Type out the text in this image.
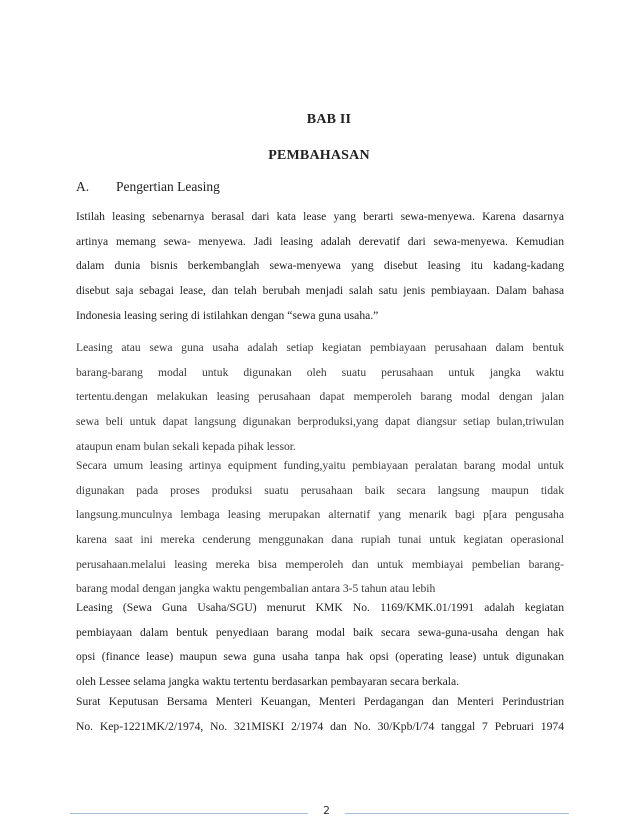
BAB II
PEMBAHASAN
A. Pengertian Leasing
Istilah leasing sebenarnya berasal dari kata lease yang berarti sewa-menyewa. Karena dasarnya
artinya memang sewa- menyewa. Jadi leasing adalah derevatif dari sewa-menyewa. Kemudian
dalam dunia bisnis berkembanglah sewa-menyewa yang disebut leasing itu kadang-kadang
disebut saja sebagai lease, dan telah berubah menjadi salah satu jenis pembiayaan. Dalam bahasa
Indonesia leasing sering di istilahkan dengan “sewa guna usaha.”
Leasing atau sewa guna usaha adalah setiap kegiatan pembiayaan perusahaan dalam bentuk
barang-barang modal untuk digunakan oleh suatu perusahaan untuk jangka waktu
tertentu.dengan melakukan leasing perusahaan dapat memperoleh barang modal dengan jalan
sewa beli untuk dapat langsung digunakan berproduksi,yang dapat diangsur setiap bulan,triwulan
ataupun enam bulan sekali kepada pihak lessor.
Secara umum leasing artinya equipment funding,yaitu pembiayaan peralatan barang modal untuk
digunakan pada proses produksi suatu perusahaan baik secara langsung maupun tidak
langsung.munculnya lembaga leasing merupakan alternatif yang menarik bagi p[ara pengusaha
karena saat ini mereka cenderung menggunakan dana rupiah tunai untuk kegiatan operasional
perusahaan.melalui leasing mereka bisa memperoleh dan untuk membiayai pembelian barang-
barang modal dengan jangka waktu pengembalian antara 3-5 tahun atau lebih
Leasing (Sewa Guna Usaha/SGU) menurut KMK No. 1169/KMK.01/1991 adalah kegiatan
pembiayaan dalam bentuk penyediaan barang modal baik secara sewa-guna-usaha dengan hak
opsi (finance lease) maupun sewa guna usaha tanpa hak opsi (operating lease) untuk digunakan
oleh Lessee selama jangka waktu tertentu berdasarkan pembayaran secara berkala.
Surat Keputusan Bersama Menteri Keuangan, Menteri Perdagangan dan Menteri Perindustrian
No. Kep-1221MK/2/1974, No. 321MISKI 2/1974 dan No. 30/Kpb/I/74 tanggal 7 Pebruari 1974
2
